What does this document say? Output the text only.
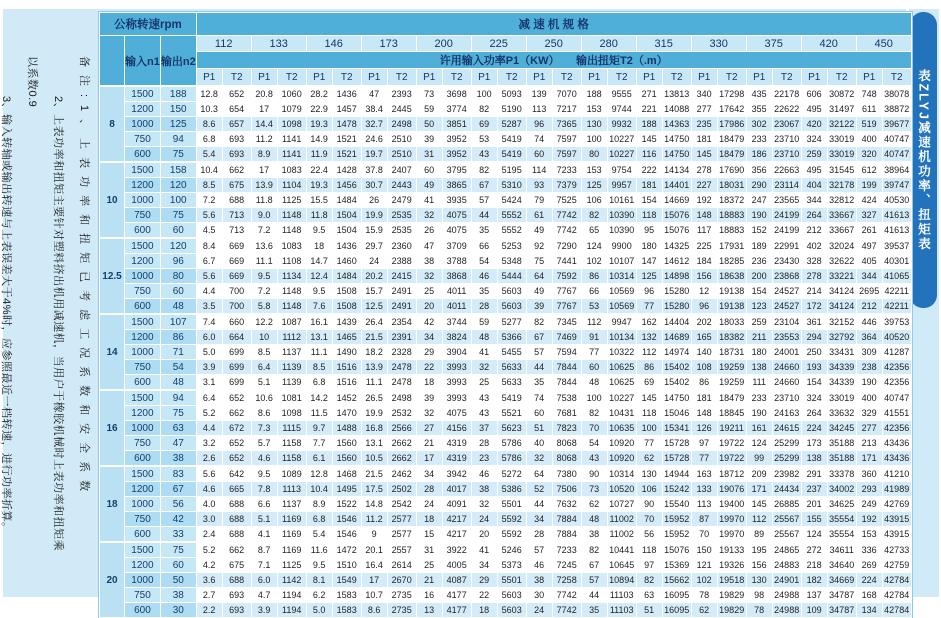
表ZLYJ减速机功率、扭矩表
备注:1、上表功率和扭矩已考虑工况系数和安全系数
2、上表功率和扭矩主要针对塑料挤出机用减速机，当用户于橡胶机械时上表功率和扭矩乘以系数0.9
3、输入转轴或输出转速与上表误差大于4%时，应参照最近一档转速，进行功率折算。
公称转速rpm			减 速 机 规 格																									
	输入n1	输出n2	112		133		146		173		200		225		250		280		315		330		375		420		450	
			许用输入功率P1（KW）　　输出扭矩T2（.m）																									
			P1	T2	P1	T2	P1	T2	P1	T2	P1	T2	P1	T2	P1	T2	P1	T2	P1	T2	P1	T2	P1	T2	P1	T2	P1	T2
8	1500	188	12.8	652	20.8	1060	28.2	1436	47	2393	73	3698	100	5093	139	7070	188	9555	271	13813	340	17298	435	22178	606	30872	748	38078
	1200	150	10.3	654	17	1079	22.9	1457	38.4	2445	59	3774	82	5190	113	7217	153	9744	221	14088	277	17642	355	22622	495	31497	611	38872
	1000	125	8.6	657	14.4	1098	19.3	1478	32.7	2498	50	3851	69	5287	96	7365	130	9932	188	14363	235	17986	302	23067	420	32122	519	39677
	750	94	6.8	693	11.2	1141	14.9	1521	24.6	2510	39	3952	53	5419	74	7597	100	10227	145	14750	181	18479	233	23710	324	33019	400	40747
	600	75	5.4	693	8.9	1141	11.9	1521	19.7	2510	31	3952	43	5419	60	7597	80	10227	116	14750	145	18479	186	23710	259	33019	320	40747
10	1500	158	10.4	662	17	1083	22.4	1428	37.8	2407	60	3795	82	5195	114	7233	153	9754	222	14134	278	17690	356	22663	495	31545	612	38964
	1200	120	8.5	675	13.9	1104	19.3	1456	30.7	2443	49	3865	67	5310	93	7379	125	9957	181	14401	227	18031	290	23114	404	32178	199	39747
	1000	100	7.2	688	11.8	1125	15.5	1484	26	2479	41	3935	57	5424	79	7525	106	10161	154	14669	192	18372	247	23565	344	32812	424	40530
	750	75	5.6	713	9.0	1148	11.8	1504	19.9	2535	32	4075	44	5552	61	7742	82	10390	118	15076	148	18883	190	24199	264	33667	327	41613
	600	60	4.5	713	7.2	1148	9.5	1504	15.9	2535	26	4075	35	5552	49	7742	65	10390	95	15076	117	18883	152	24199	212	33667	261	41613
12.5	1500	120	8.4	669	13.6	1083	18	1436	29.7	2360	47	3709	66	5253	92	7290	124	9900	180	14325	225	17931	189	22991	402	32024	497	39537
	1200	96	6.7	669	11.1	1108	14.7	1460	24	2388	38	3788	54	5348	75	7441	102	10107	147	14612	184	18285	236	23430	328	32622	405	40301
	1000	80	5.6	669	9.5	1134	12.4	1484	20.2	2415	32	3868	46	5444	64	7592	86	10314	125	14898	156	18638	200	23868	278	33221	344	41065
	750	60	4.4	700	7.2	1148	9.5	1508	15.7	2491	25	4011	35	5603	49	7767	66	10569	96	15280	12	19138	154	24527	214	34124	2695	42211
	600	48	3.5	700	5.8	1148	7.6	1508	12.5	2491	20	4011	28	5603	39	7767	53	10569	77	15280	96	19138	123	24527	172	34124	212	42211
14	1500	107	7.4	660	12.2	1087	16.1	1439	26.4	2354	42	3744	59	5277	82	7345	112	9947	162	14404	202	18033	259	23104	361	32152	446	39753
	1200	86	6.0	664	10	1112	13.1	1465	21.5	2391	34	3824	48	5366	67	7469	91	10134	132	14689	165	18382	211	23553	294	32792	364	40520
	1000	71	5.0	699	8.5	1137	11.1	1490	18.2	2328	29	3904	41	5455	57	7594	77	10322	112	14974	140	18731	180	24001	250	33431	309	41287
	750	54	3.9	699	6.4	1139	8.5	1516	13.9	2478	22	3993	32	5633	44	7844	60	10625	86	15402	108	19259	138	24660	193	34339	238	42356
	600	48	3.1	699	5.1	1139	6.8	1516	11.1	2478	18	3993	25	5633	35	7844	48	10625	69	15402	86	19259	111	24660	154	34339	190	42356
16	1500	94	6.4	652	10.6	1081	14.2	1452	26.5	2498	39	3993	43	5419	74	7538	100	10227	145	14750	181	18479	233	23710	324	33019	400	40747
	1200	75	5.2	662	8.6	1098	11.5	1470	19.9	2532	32	4075	43	5521	60	7681	82	10431	118	15046	148	18845	190	24163	264	33632	329	41551
	1000	63	4.4	672	7.3	1115	9.7	1488	16.8	2566	27	4156	37	5623	51	7823	70	10635	100	15341	126	19211	161	24615	224	34245	277	42356
	750	47	3.2	652	5.7	1158	7.7	1560	13.1	2662	21	4319	28	5786	40	8068	54	10920	77	15728	97	19722	124	25299	173	35188	213	43436
	600	38	2.6	652	4.6	1158	6.1	1560	10.5	2662	17	4319	23	5786	32	8068	43	10920	62	15728	77	19722	99	25299	138	35188	171	43436
18	1500	83	5.6	642	9.5	1089	12.8	1468	21.5	2462	34	3942	46	5272	64	7380	90	10314	130	14944	163	18712	209	23982	291	33378	360	41210
	1200	67	4.6	665	7.8	1113	10.4	1495	17.5	2502	28	4017	38	5386	52	7506	73	10520	106	15242	133	19076	171	24434	237	34002	293	41989
	1000	56	4.0	688	6.6	1137	8.9	1522	14.8	2542	24	4091	32	5501	44	7632	62	10727	90	15540	113	19400	145	26885	201	34625	249	42769
	750	42	3.0	688	5.1	1169	6.8	1546	11.2	2577	18	4217	24	5592	34	7884	48	11002	70	15952	87	19970	112	25567	155	35554	192	43915
	600	33	2.4	688	4.1	1169	5.4	1546	9	2577	15	4217	20	5592	28	7884	38	11002	56	15952	70	19970	89	25567	124	35554	153	43915
20	1500	75	5.2	662	8.7	1169	11.6	1472	20.1	2557	31	3922	41	5246	57	7233	82	10441	118	15076	150	19133	195	24865	272	34611	336	42733
	1200	60	4.2	675	7.1	1125	9.5	1510	16.4	2614	25	4005	34	5373	46	7245	67	10645	97	15369	121	19326	156	24883	218	34640	269	42759
	1000	50	3.6	688	6.0	1142	8.1	1549	17	2670	21	4087	29	5501	38	7258	57	10894	82	15662	102	19518	130	24901	182	34669	224	42784
	750	38	2.7	693	4.7	1194	6.2	1583	10.7	2735	16	4177	22	5603	30	7742	44	11103	63	16095	78	19829	98	24988	137	34787	168	42784
	600	30	2.2	693	3.9	1194	5.0	1583	8.6	2735	13	4177	18	5603	24	7742	35	11103	51	16095	62	19829	78	24988	109	34787	134	42784
